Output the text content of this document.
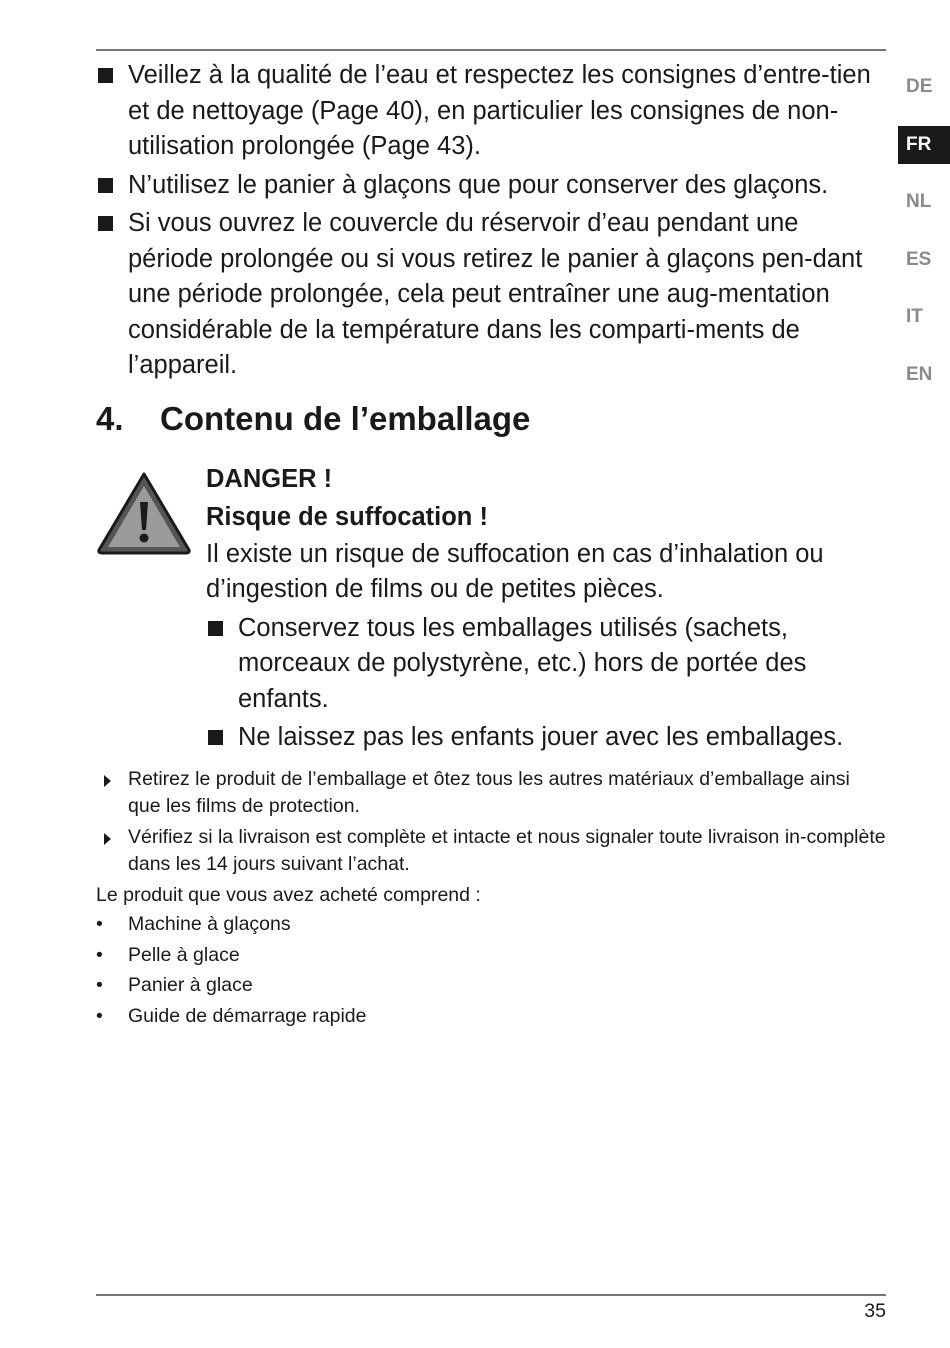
DE
FR
NL
ES
IT
EN
Veillez à la qualité de l’eau et respectez les consignes d’entre-tien et de nettoyage (Page 40), en particulier les consignes de non-utilisation prolongée (Page 43).
N’utilisez le panier à glaçons que pour conserver des glaçons.
Si vous ouvrez le couvercle du réservoir d’eau pendant une période prolongée ou si vous retirez le panier à glaçons pen-dant une période prolongée, cela peut entraîner une aug-mentation considérable de la température dans les comparti-ments de l’appareil.
4. Contenu de l’emballage
DANGER !
Risque de suffocation !
Il existe un risque de suffocation en cas d’inhalation ou d’ingestion de films ou de petites pièces.
Conservez tous les emballages utilisés (sachets, morceaux de polystyrène, etc.) hors de portée des enfants.
Ne laissez pas les enfants jouer avec les emballages.
Retirez le produit de l’emballage et ôtez tous les autres matériaux d’emballage ainsi que les films de protection.
Vérifiez si la livraison est complète et intacte et nous signaler toute livraison in-complète dans les 14 jours suivant l’achat.
Le produit que vous avez acheté comprend :
• Machine à glaçons
• Pelle à glace
• Panier à glace
• Guide de démarrage rapide
35
